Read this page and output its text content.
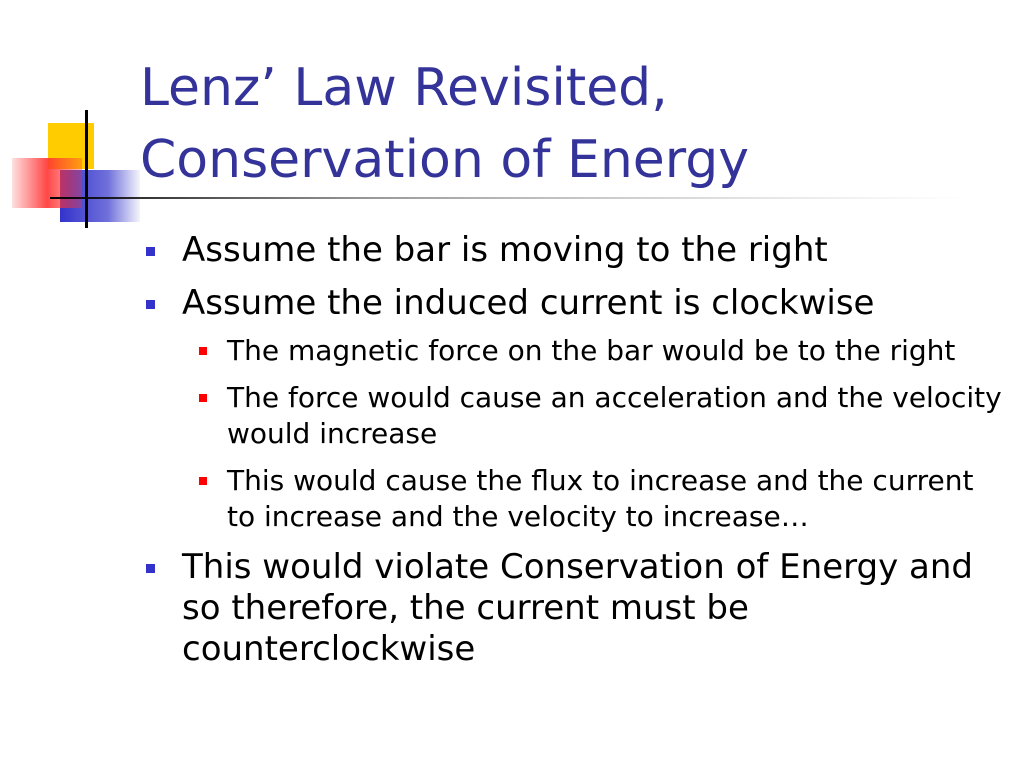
Lenz’ Law Revisited, Conservation of Energy
Assume the bar is moving to the right
Assume the induced current is clockwise
The magnetic force on the bar would be to the right
The force would cause an acceleration and the velocity would increase
This would cause the flux to increase and the current to increase and the velocity to increase…
This would violate Conservation of Energy and so therefore, the current must be counterclockwise
